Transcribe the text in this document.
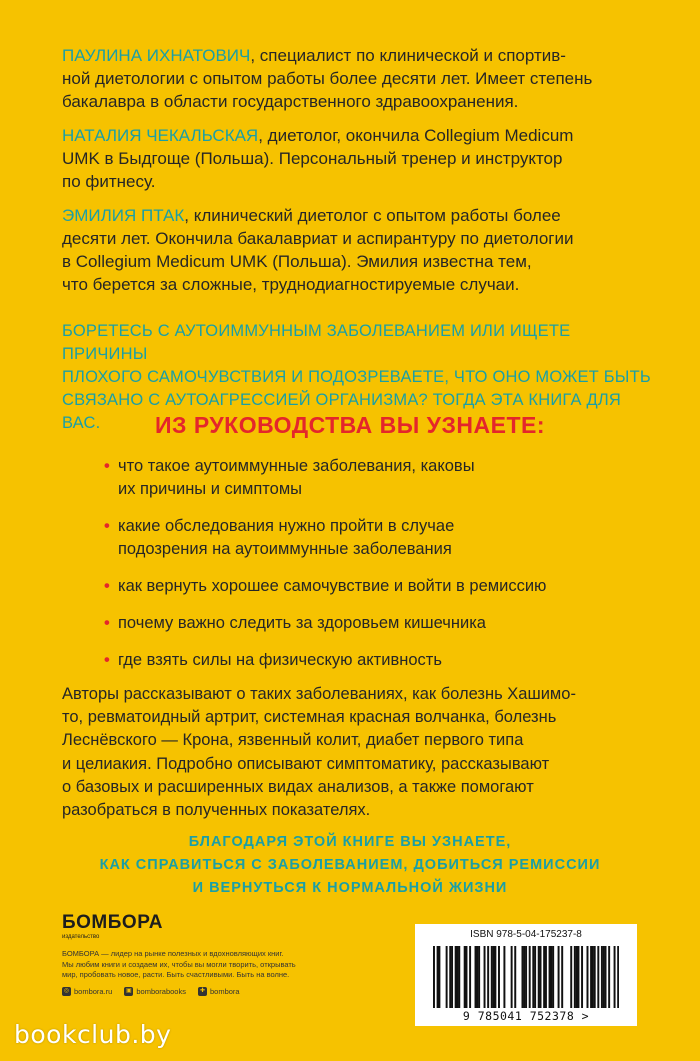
ПАУЛИНА ИХНАТОВИЧ, специалист по клинической и спортив-
ной диетологии с опытом работы более десяти лет. Имеет степень
бакалавра в области государственного здравоохранения.

НАТАЛИЯ ЧЕКАЛЬСКАЯ, диетолог, окончила Collegium Medicum
UMK в Быдгоще (Польша). Персональный тренер и инструктор
по фитнесу.

ЭМИЛИЯ ПТАК, клинический диетолог с опытом работы более
десяти лет. Окончила бакалавриат и аспирантуру по диетологии
в Collegium Medicum UMK (Польша). Эмилия известна тем,
что берется за сложные, труднодиагностируемые случаи.

БОРЕТЕСЬ С АУТОИММУННЫМ ЗАБОЛЕВАНИЕМ ИЛИ ИЩЕТЕ ПРИЧИНЫ
ПЛОХОГО САМОЧУВСТВИЯ И ПОДОЗРЕВАЕТЕ, ЧТО ОНО МОЖЕТ БЫТЬ
СВЯЗАНО С АУТОАГРЕССИЕЙ ОРГАНИЗМА? ТОГДА ЭТА КНИГА ДЛЯ ВАС.	ИЗ РУКОВОДСТВА ВЫ УЗНАЕТЕ:
• что такое аутоиммунные заболевания, каковы
их причины и симптомы
• какие обследования нужно пройти в случае
подозрения на аутоиммунные заболевания
• как вернуть хорошее самочувствие и войти в ремиссию
• почему важно следить за здоровьем кишечника
• где взять силы на физическую активность
Авторы рассказывают о таких заболеваниях, как болезнь Хашимо-
то, ревматоидный артрит, системная красная волчанка, болезнь
Леснёвского — Крона, язвенный колит, диабет первого типа
и целиакия. Подробно описывают симптоматику, рассказывают
о базовых и расширенных видах анализов, а также помогают
разобраться в полученных показателях.
БЛАГОДАРЯ ЭТОЙ КНИГЕ ВЫ УЗНАЕТЕ,
КАК СПРАВИТЬСЯ С ЗАБОЛЕВАНИЕМ, ДОБИТЬСЯ РЕМИССИИ
И ВЕРНУТЬСЯ К НОРМАЛЬНОЙ ЖИЗНИ
БОМБОРА
издательство
БОМБОРА — лидер на рынке полезных и вдохновляющих книг.
Мы любим книги и создаем их, чтобы вы могли творить, открывать
мир, пробовать новое, расти. Быть счастливыми. Быть на волне.
◎ bombora.ru ▣ bomborabooks	✚ bombora
ISBN 978-5-04-175237-8
9 785041 752378 >
bookclub.by
